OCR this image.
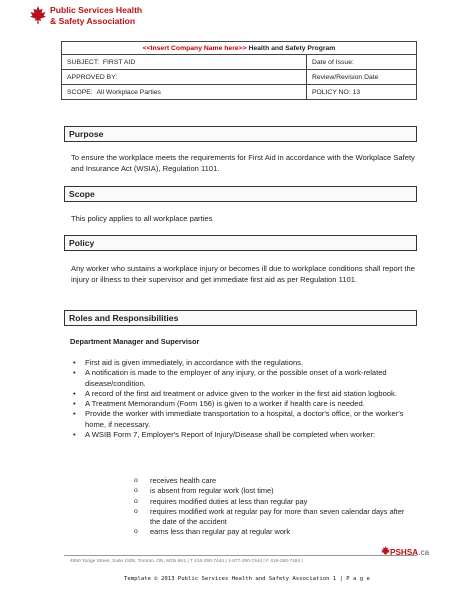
Public Services Health
& Safety Association
<<Insert Company Name here>> Health and Safety Program	
SUBJECT: FIRST AID	Date of Issue:
APPROVED BY:	Review/Revision Date
SCOPE: All Workplace Parties	POLICY NO: 13
Purpose
To ensure the workplace meets the requirements for First Aid in accordance with the Workplace Safety and Insurance Act (WSIA), Regulation 1101.
Scope
This policy applies to all workplace parties
Policy
Any worker who sustains a workplace injury or becomes ill due to workplace conditions shall report the injury or illness to their supervisor and get immediate first aid as per Regulation 1101.
Roles and Responsibilities
Department Manager and Supervisor
• First aid is given immediately, in accordance with the regulations.
• A notification is made to the employer of any injury, or the possible onset of a work-related disease/condition.
• A record of the first aid treatment or advice given to the worker in the first aid station logbook.
• A Treatment Memorandum (Form 156) is given to a worker if health care is needed.
• Provide the worker with immediate transportation to a hospital, a doctor's office, or the worker's home, if necessary.
• A WSIB Form 7, Employer's Report of Injury/Disease shall be completed when worker:
o receives health care
o is absent from regular work (lost time)
o requires modified duties at less than regular pay
o requires modified work at regular pay for more than seven calendar days after the date of the accident
o earns less than regular pay at regular work
PSHSA.ca
4950 Yonge Street, Suite 1505, Toronto, ON, M2N 6K1 | T 416-250-7444 | 1-877-250-7444 | F 416-250-7484 |
Template © 2013 Public Services Health and Safety Association 1 | P a g e
